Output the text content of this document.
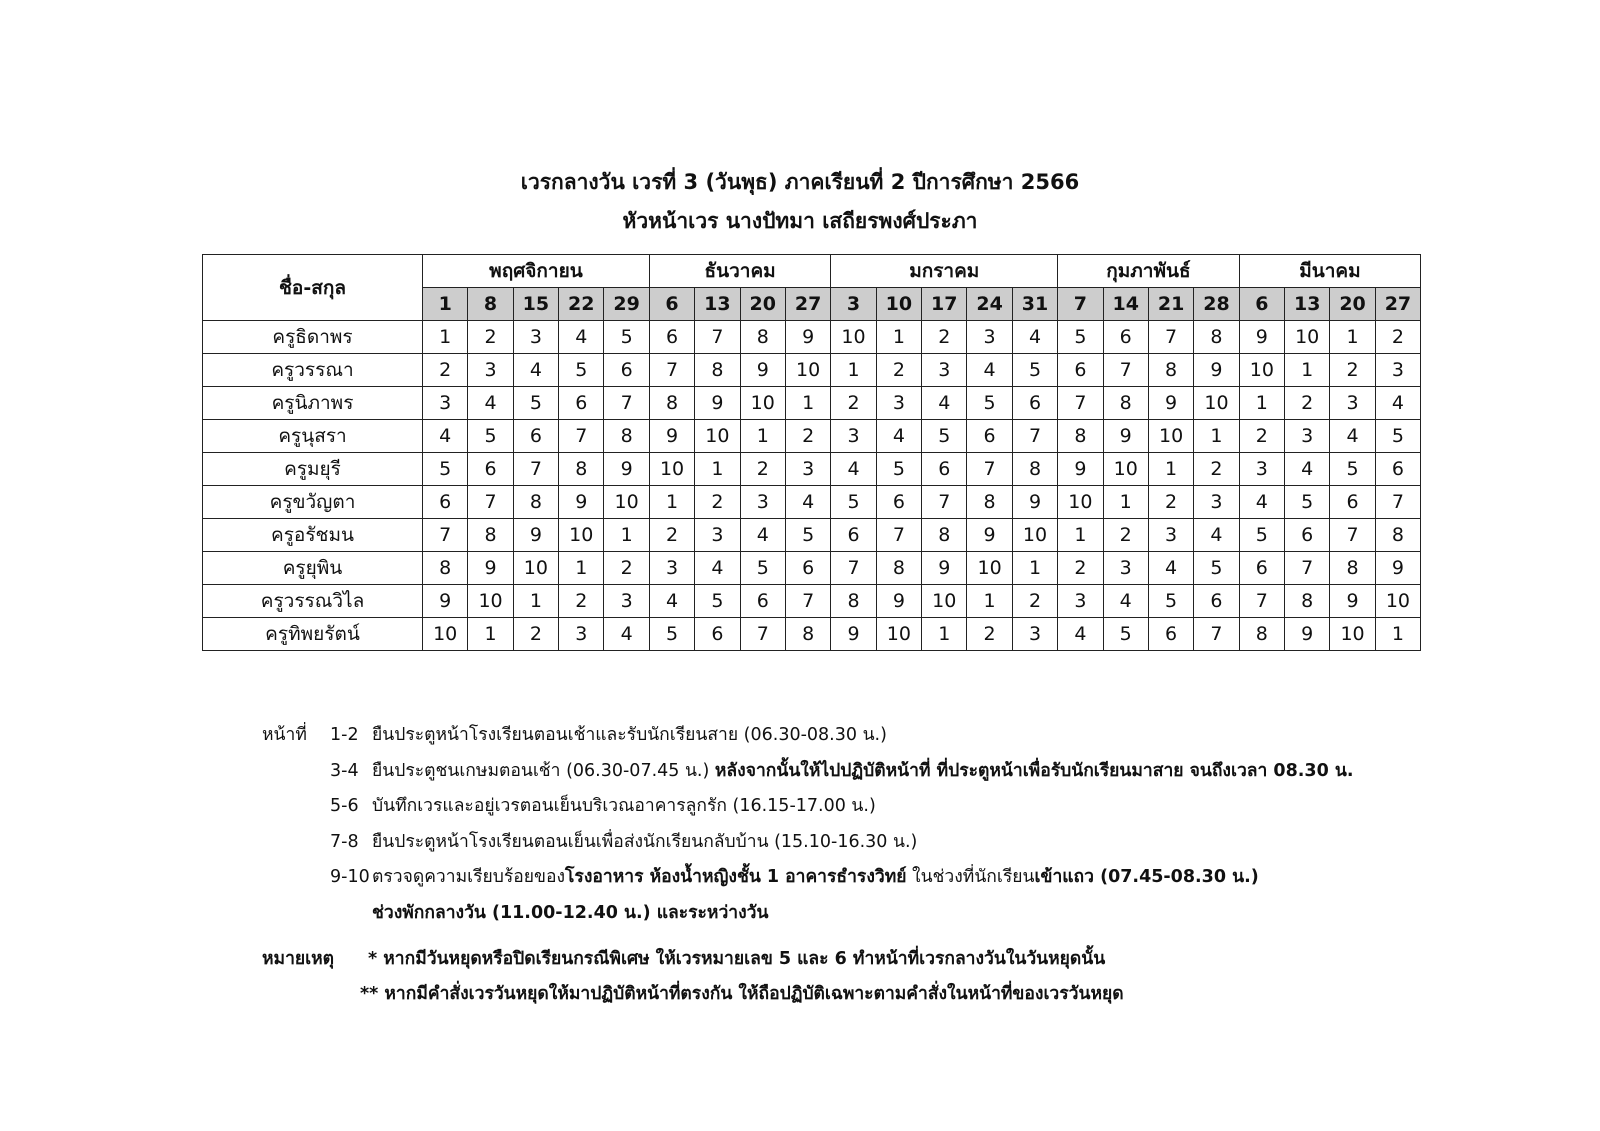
เวรกลางวัน เวรที่ 3 (วันพุธ) ภาคเรียนที่ 2 ปีการศึกษา 2566
หัวหน้าเวร นางปัทมา เสถียรพงศ์ประภา
ชื่อ-สกุล	พฤศจิกายน					ธันวาคม				มกราคม					กุมภาพันธ์				มีนาคม			
	1	8	15	22	29	6	13	20	27	3	10	17	24	31	7	14	21	28	6	13	20	27
ครูธิดาพร	1	2	3	4	5	6	7	8	9	10	1	2	3	4	5	6	7	8	9	10	1	2
ครูวรรณา	2	3	4	5	6	7	8	9	10	1	2	3	4	5	6	7	8	9	10	1	2	3
ครูนิภาพร	3	4	5	6	7	8	9	10	1	2	3	4	5	6	7	8	9	10	1	2	3	4
ครูนุสรา	4	5	6	7	8	9	10	1	2	3	4	5	6	7	8	9	10	1	2	3	4	5
ครูมยุรี	5	6	7	8	9	10	1	2	3	4	5	6	7	8	9	10	1	2	3	4	5	6
ครูขวัญตา	6	7	8	9	10	1	2	3	4	5	6	7	8	9	10	1	2	3	4	5	6	7
ครูอรัชมน	7	8	9	10	1	2	3	4	5	6	7	8	9	10	1	2	3	4	5	6	7	8
ครูยุพิน	8	9	10	1	2	3	4	5	6	7	8	9	10	1	2	3	4	5	6	7	8	9
ครูวรรณวิไล	9	10	1	2	3	4	5	6	7	8	9	10	1	2	3	4	5	6	7	8	9	10
ครูทิพยรัตน์	10	1	2	3	4	5	6	7	8	9	10	1	2	3	4	5	6	7	8	9	10	1
หน้าที่ 1-2 ยืนประตูหน้าโรงเรียนตอนเช้าและรับนักเรียนสาย (06.30-08.30 น.)
3-4 ยืนประตูชนเกษมตอนเช้า (06.30-07.45 น.) หลังจากนั้นให้ไปปฏิบัติหน้าที่ ที่ประตูหน้าเพื่อรับนักเรียนมาสาย จนถึงเวลา 08.30 น.
5-6 บันทึกเวรและอยู่เวรตอนเย็นบริเวณอาคารลูกรัก (16.15-17.00 น.)
7-8 ยืนประตูหน้าโรงเรียนตอนเย็นเพื่อส่งนักเรียนกลับบ้าน (15.10-16.30 น.)
9-10 ตรวจดูความเรียบร้อยของโรงอาหาร ห้องน้ำหญิงชั้น 1 อาคารธำรงวิทย์ ในช่วงที่นักเรียนเข้าแถว (07.45-08.30 น.)
ช่วงพักกลางวัน (11.00-12.40 น.) และระหว่างวัน
หมายเหตุ * หากมีวันหยุดหรือปิดเรียนกรณีพิเศษ ให้เวรหมายเลข 5 และ 6 ทำหน้าที่เวรกลางวันในวันหยุดนั้น
** หากมีคำสั่งเวรวันหยุดให้มาปฏิบัติหน้าที่ตรงกัน ให้ถือปฏิบัติเฉพาะตามคำสั่งในหน้าที่ของเวรวันหยุด
